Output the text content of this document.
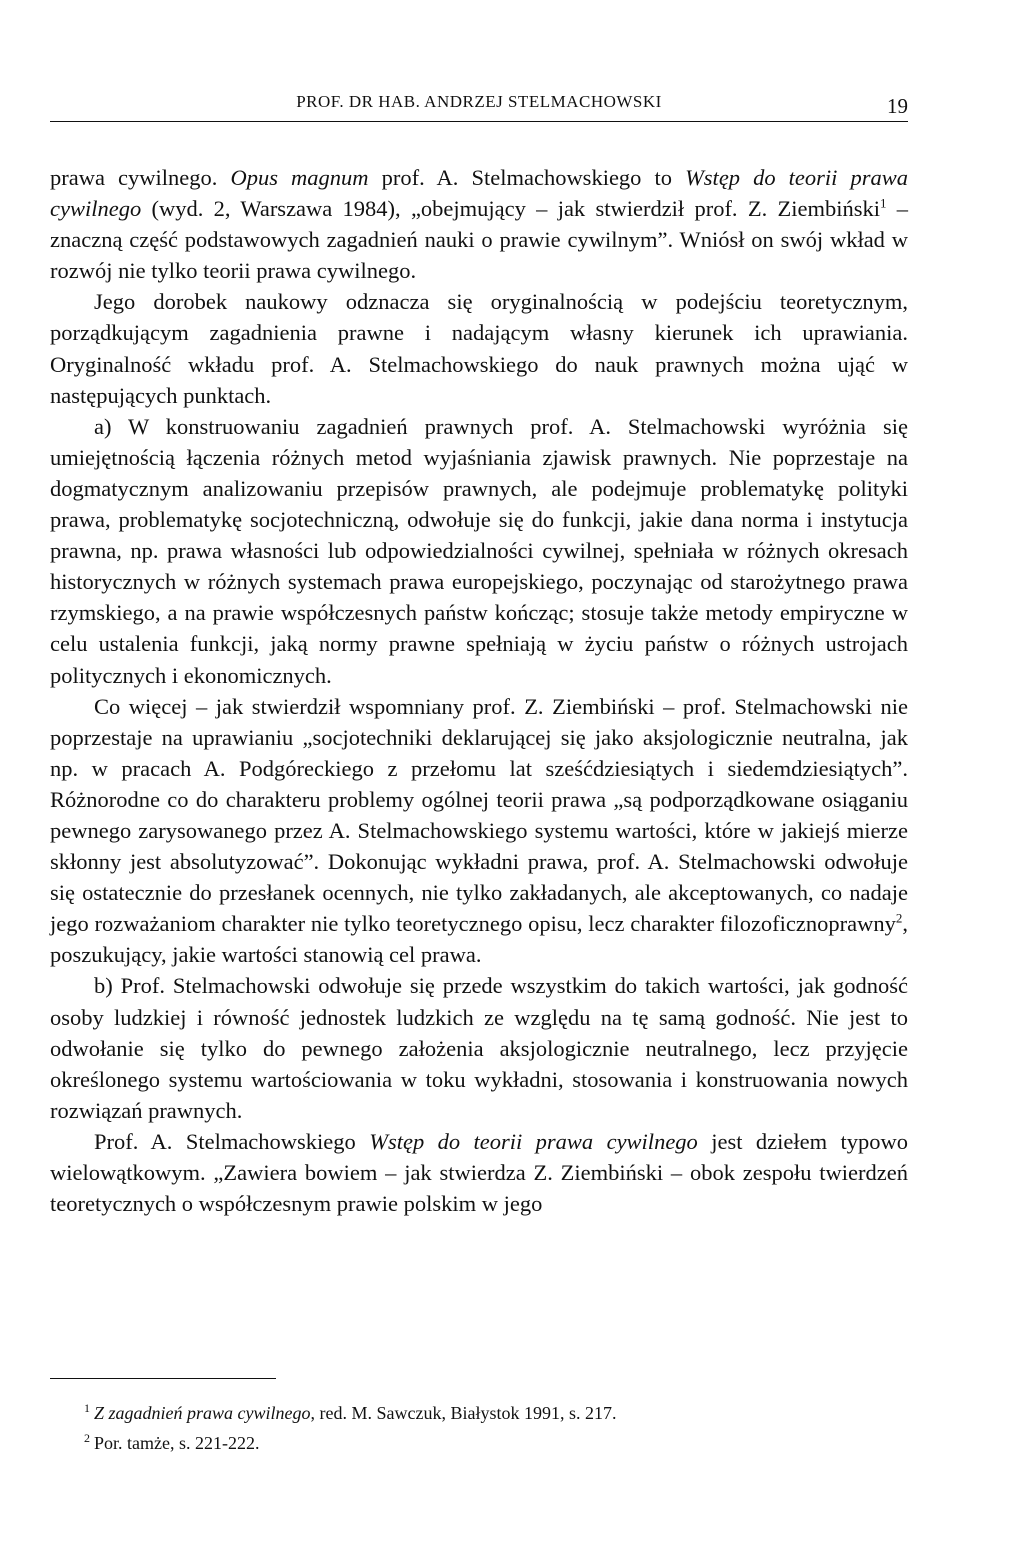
PROF. DR HAB. ANDRZEJ STELMACHOWSKI	19

prawa cywilnego. Opus magnum prof. A. Stelmachowskiego to Wstęp do teorii prawa cywilnego (wyd. 2, Warszawa 1984), „obejmujący – jak stwierdził prof. Z. Ziembiński$^1$ – znaczną część podstawowych zagadnień nauki o prawie cywilnym”. Wniósł on swój wkład w rozwój nie tylko teorii prawa cywilnego.

Jego dorobek naukowy odznacza się oryginalnością w podejściu teoretycznym, porządkującym zagadnienia prawne i nadającym własny kierunek ich uprawiania. Oryginalność wkładu prof. A. Stelmachowskiego do nauk prawnych można ująć w następujących punktach.

a) W konstruowaniu zagadnień prawnych prof. A. Stelmachowski wyróżnia się umiejętnością łączenia różnych metod wyjaśniania zjawisk prawnych. Nie poprzestaje na dogmatycznym analizowaniu przepisów prawnych, ale podejmuje problematykę polityki prawa, problematykę socjotechniczną, odwołuje się do funkcji, jakie dana norma i instytucja prawna, np. prawa własności lub odpowiedzialności cywilnej, spełniała w różnych okresach historycznych w różnych systemach prawa europejskiego, poczynając od starożytnego prawa rzymskiego, a na prawie współczesnych państw kończąc; stosuje także metody empiryczne w celu ustalenia funkcji, jaką normy prawne spełniają w życiu państw o różnych ustrojach politycznych i ekonomicznych.

Co więcej – jak stwierdził wspomniany prof. Z. Ziembiński – prof. Stelmachowski nie poprzestaje na uprawianiu „socjotechniki deklarującej się jako aksjologicznie neutralna, jak np. w pracach A. Podgóreckiego z przełomu lat sześćdziesiątych i siedemdziesiątych”. Różnorodne co do charakteru problemy ogólnej teorii prawa „są podporządkowane osiąganiu pewnego zarysowanego przez A. Stelmachowskiego systemu wartości, które w jakiejś mierze skłonny jest absolutyzować”. Dokonując wykładni prawa, prof. A. Stelmachowski odwołuje się ostatecznie do przesłanek ocennych, nie tylko zakładanych, ale akceptowanych, co nadaje jego rozważaniom charakter nie tylko teoretycznego opisu, lecz charakter filozoficznoprawny$^2$, poszukujący, jakie wartości stanowią cel prawa.

b) Prof. Stelmachowski odwołuje się przede wszystkim do takich wartości, jak godność osoby ludzkiej i równość jednostek ludzkich ze względu na tę samą godność. Nie jest to odwołanie się tylko do pewnego założenia aksjologicznie neutralnego, lecz przyjęcie określonego systemu wartościowania w toku wykładni, stosowania i konstruowania nowych rozwiązań prawnych.

Prof. A. Stelmachowskiego Wstęp do teorii prawa cywilnego jest dziełem typowo wielowątkowym. „Zawiera bowiem – jak stwierdza Z. Ziembiński – obok zespołu twierdzeń teoretycznych o współczesnym prawie polskim w jego

$^1$ Z zagadnień prawa cywilnego, red. M. Sawczuk, Białystok 1991, s. 217.

$^2$ Por. tamże, s. 221-222.
